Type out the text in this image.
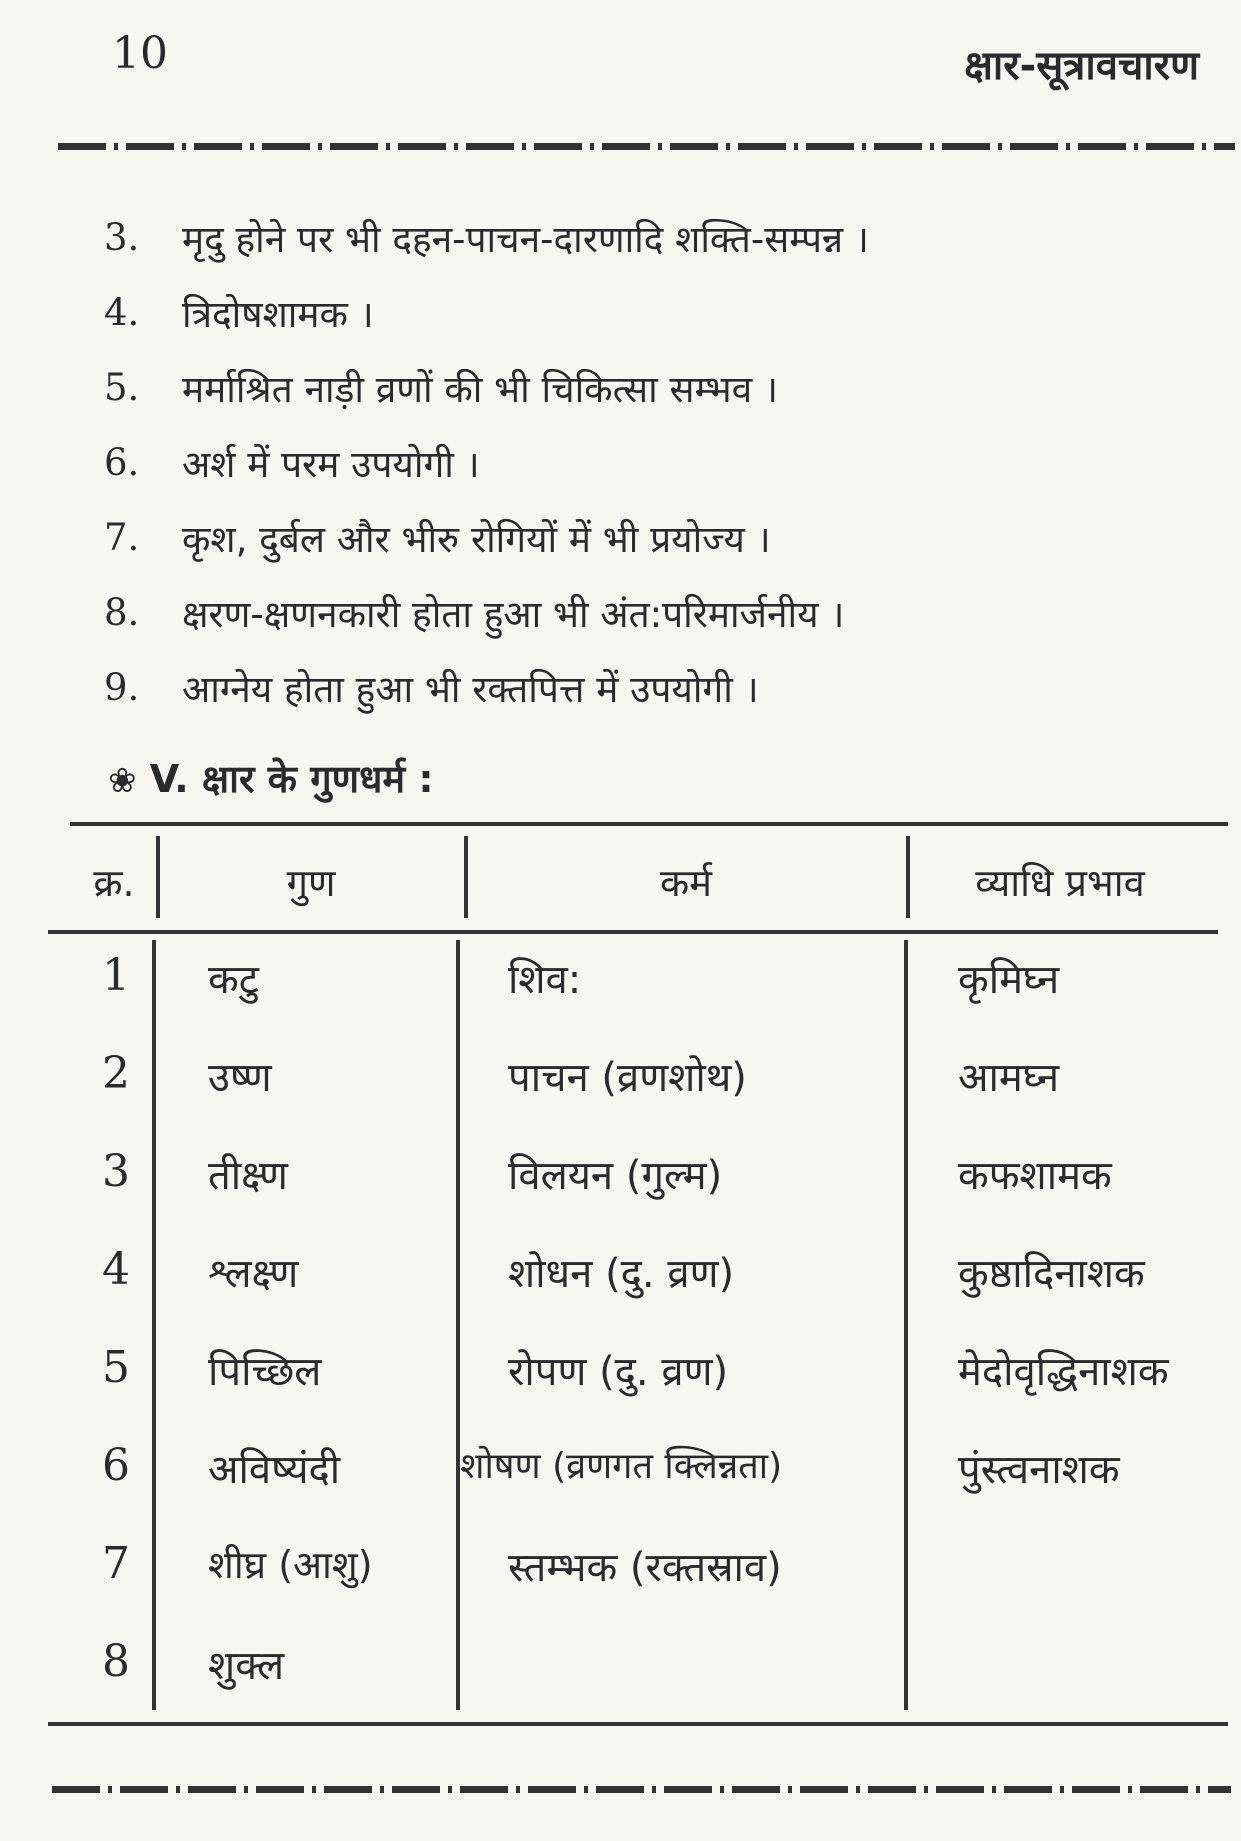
10	क्षार-सूत्रावचारण
3.	मृदु होने पर भी दहन-पाचन-दारणादि शक्ति-सम्पन्न ।
4.	त्रिदोषशामक ।
5.	मर्माश्रित नाड़ी व्रणों की भी चिकित्सा सम्भव ।
6.	अर्श में परम उपयोगी ।
7.	कृश, दुर्बल और भीरु रोगियों में भी प्रयोज्य ।
8.	क्षरण-क्षणनकारी होता हुआ भी अंत:परिमार्जनीय ।
9.	आग्नेय होता हुआ भी रक्तपित्त में उपयोगी ।
❀ V. क्षार के गुणधर्म :
क्र.	गुण	कर्म	व्याधि प्रभाव
1 कटु	शिव:	कृमिघ्न
2 उष्ण	पाचन (व्रणशोथ)	आमघ्न
3 तीक्ष्ण	विलयन (गुल्म)	कफशामक
4 श्लक्ष्ण	शोधन (दु. व्रण)	कुष्ठादिनाशक
5 पिच्छिल	रोपण (दु. व्रण)	मेदोवृद्धिनाशक
6 अविष्यंदी	शोषण (व्रणगत क्लिन्नता)	पुंस्त्वनाशक
7 शीघ्र (आशु)	स्तम्भक (रक्तस्राव)
8 शुक्ल
